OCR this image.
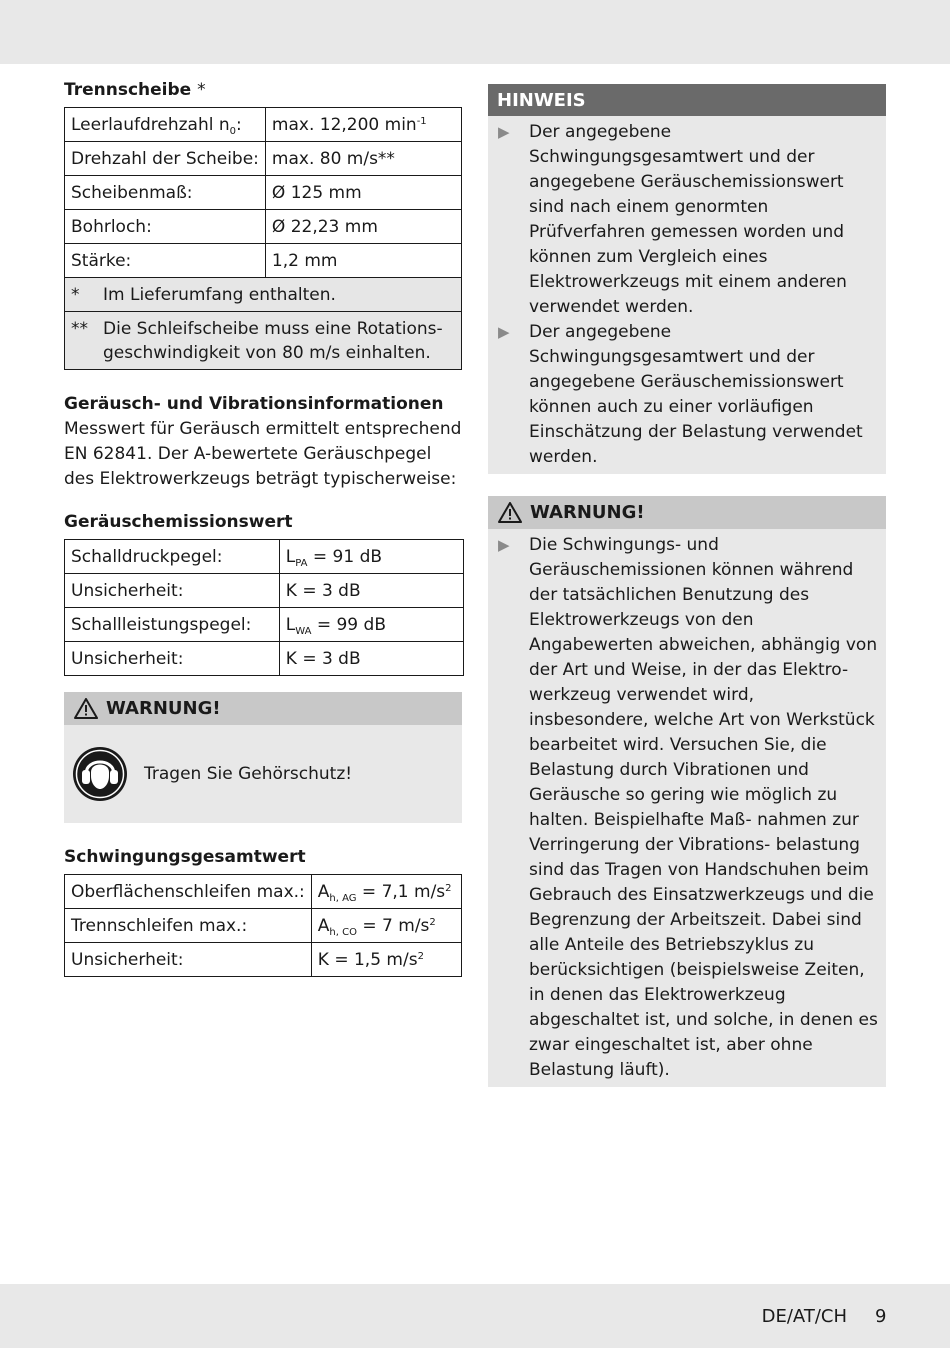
Trennscheibe *
Leerlaufdrehzahl $n_0$:	max. 12,200 $\min^{-1}$
Drehzahl der Scheibe:	max. 80 m/s**
Scheibenmaß:	Ø 125 mm
Bohrloch:	Ø 22,23 mm
Stärke:	1,2 mm

* Im Lieferumfang enthalten.	

** Die Schleifscheibe muss eine Rotations- geschwindigkeit von 80 m/s einhalten.	
Geräusch- und Vibrationsinformationen

Messwert für Geräusch ermittelt entsprechend EN 62841. Der A-bewertete Geräuschpegel des Elektrowerkzeugs beträgt typischerweise:

Geräuschemissionswert
Schalldruckpegel:	$L_{PA} = 91$ dB
Unsicherheit:	K = 3 dB
Schallleistungspegel:	$L_{WA} = 99$ dB
Unsicherheit:	K = 3 dB
WARNUNG!
Tragen Sie Gehörschutz!
Schwingungsgesamtwert
Oberflächenschleifen max.:	$A_{h, AG} = 7,1$ $m/s^2$
Trennschleifen max.:	$A_{h, CO} = 7$ $m/s^2$
Unsicherheit:	K = 1,5 $m/s^2$
HINWEIS
▶	Der angegebene Schwingungsgesamtwert und der angegebene Geräuschemissionswert sind nach einem genormten Prüfverfahren gemessen worden und können zum Vergleich eines Elektrowerkzeugs mit einem anderen verwendet werden.
▶	Der angegebene Schwingungsgesamtwert und der angegebene Geräuschemissionswert können auch zu einer vorläufigen Einschätzung der Belastung verwendet werden.
WARNUNG!
▶	Die Schwingungs- und Geräuschemissionen können während der tatsächlichen Benutzung des Elektrowerkzeugs von den Angabewerten abweichen, abhängig von der Art und Weise, in der das Elektro- werkzeug verwendet wird, insbesondere, welche Art von Werkstück bearbeitet wird. Versuchen Sie, die Belastung durch Vibrationen und Geräusche so gering wie möglich zu halten. Beispielhafte Maß- nahmen zur Verringerung der Vibrations- belastung sind das Tragen von Handschuhen beim Gebrauch des Einsatzwerkzeugs und die Begrenzung der Arbeitszeit. Dabei sind alle Anteile des Betriebszyklus zu berücksichtigen (beispielsweise Zeiten, in denen das Elektrowerkzeug abgeschaltet ist, und solche, in denen es zwar eingeschaltet ist, aber ohne Belastung läuft).
DE/AT/CH 9
